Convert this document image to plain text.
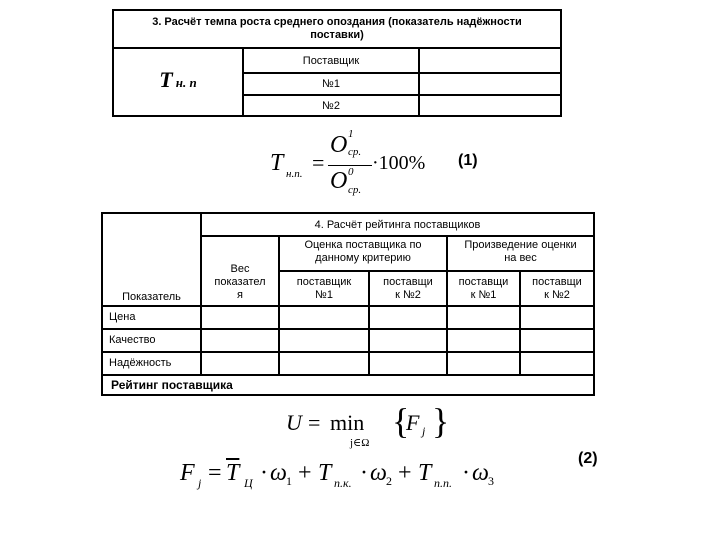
3. Расчёт темпа роста среднего опоздания (показатель надёжности
поставки)
Поставщик
T н. п	№1
№2
T н.п. =
O 1
ср.
O 0
ср.
·100% (1)
4. Расчёт рейтинга поставщиков
Показатель
Вес
показател
я
Оценка поставщика по
данному критерию
Произведение оценки
на вес
поставщик
№1
поставщи
к №2
поставщи
к №1
поставщи
к №2
Цена
Качество
Надёжность
Рейтинг поставщика
U = min
j∈Ω
{
F j }
(2)
F $j = \overline{T}$ Ц · ω 1 + T п.к. · ω 2 + T п.п. · ω 3
